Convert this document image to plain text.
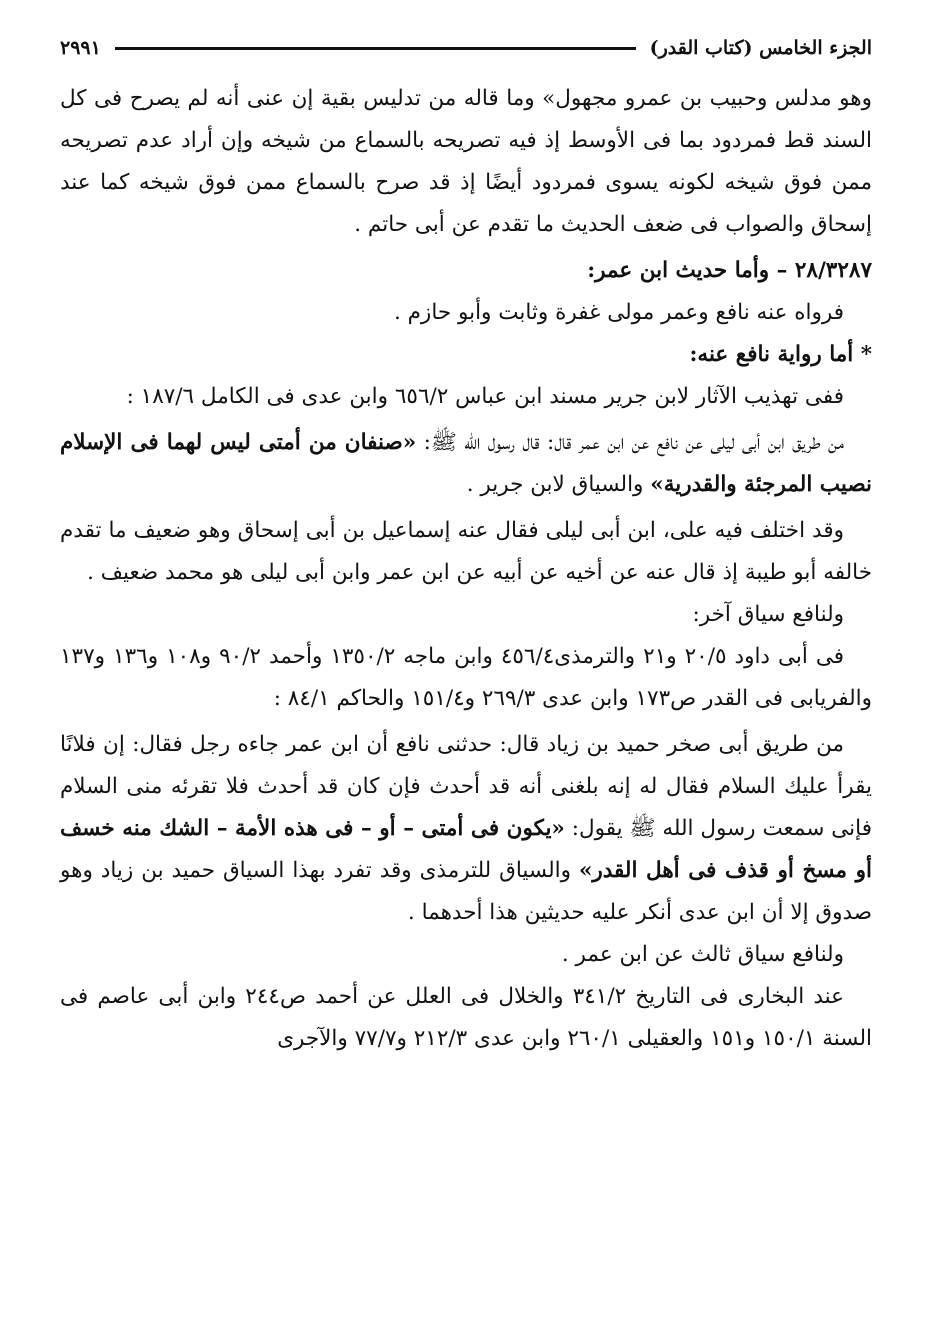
الجزء الخامس (كتاب القدر)
٢٩٩١

وهو مدلس وحبيب بن عمرو مجهول» وما قاله من تدليس بقية إن عنى أنه لم يصرح فى كل السند قط فمردود بما فى الأوسط إذ فيه تصريحه بالسماع من شيخه وإن أراد عدم تصريحه ممن فوق شيخه لكونه يسوى فمردود أيضًا إذ قد صرح بالسماع ممن فوق شيخه كما عند إسحاق والصواب فى ضعف الحديث ما تقدم عن أبى حاتم .

٢٨/٣٢٨٧ – وأما حديث ابن عمر:

فرواه عنه نافع وعمر مولى غفرة وثابت وأبو حازم .

* أما رواية نافع عنه:

ففى تهذيب الآثار لابن جرير مسند ابن عباس ٦٥٦/٢ وابن عدى فى الكامل ١٨٧/٦ :

من طريق ابن أبى ليلى عن نافع عن ابن عمر قال: قال رسول الله ﷺ: «صنفان من أمتى ليس لهما فى الإسلام نصيب المرجئة والقدرية» والسياق لابن جرير .

وقد اختلف فيه على، ابن أبى ليلى فقال عنه إسماعيل بن أبى إسحاق وهو ضعيف ما تقدم خالفه أبو طيبة إذ قال عنه عن أخيه عن أبيه عن ابن عمر وابن أبى ليلى هو محمد ضعيف .

ولنافع سياق آخر:

فى أبى داود ٢٠/٥ و٢١ والترمذى٤٥٦/٤ وابن ماجه ١٣٥٠/٢ وأحمد ٩٠/٢ و١٠٨ و١٣٦ و١٣٧ والفريابى فى القدر ص١٧٣ وابن عدى ٢٦٩/٣ و١٥١/٤ والحاكم ٨٤/١ :

من طريق أبى صخر حميد بن زياد قال: حدثنى نافع أن ابن عمر جاءه رجل فقال: إن فلانًا يقرأ عليك السلام فقال له إنه بلغنى أنه قد أحدث فإن كان قد أحدث فلا تقرئه منى السلام فإنى سمعت رسول الله ﷺ يقول: «يكون فى أمتى – أو – فى هذه الأمة – الشك منه خسف أو مسخ أو قذف فى أهل القدر» والسياق للترمذى وقد تفرد بهذا السياق حميد بن زياد وهو صدوق إلا أن ابن عدى أنكر عليه حديثين هذا أحدهما .

ولنافع سياق ثالث عن ابن عمر .

عند البخارى فى التاريخ ٣٤١/٢ والخلال فى العلل عن أحمد ص٢٤٤ وابن أبى عاصم فى السنة ١٥٠/١ و١٥١ والعقيلى ٢٦٠/١ وابن عدى ٢١٢/٣ و٧٧/٧ والآجرى
